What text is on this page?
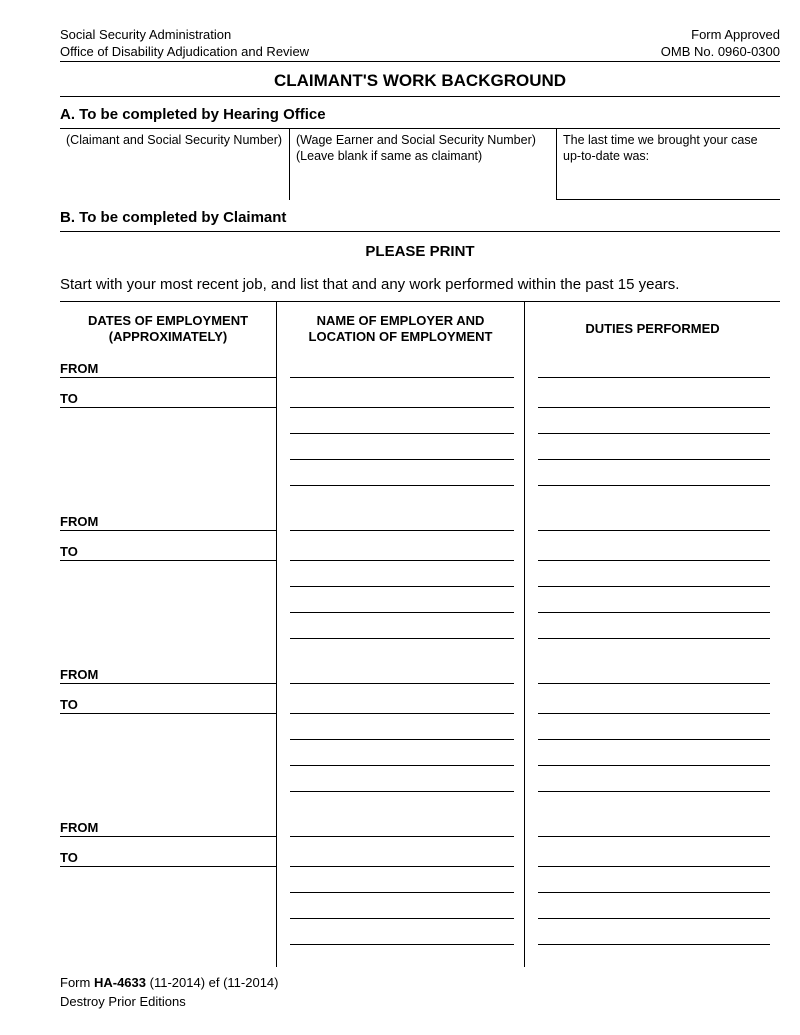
Social Security Administration
Office of Disability Adjudication and Review
Form Approved
OMB No. 0960-0300
CLAIMANT'S WORK BACKGROUND
A. To be completed by Hearing Office
(Claimant and Social Security Number) (Wage Earner and Social Security Number)
(Leave blank if same as claimant)
The last time we brought your case up-to-date was:
B. To be completed by Claimant
PLEASE PRINT
Start with your most recent job, and list that and any work performed within the past 15 years.
DATES OF EMPLOYMENT
(APPROXIMATELY)
NAME OF EMPLOYER AND
LOCATION OF EMPLOYMENT
DUTIES PERFORMED
FROM
TO
FROM
TO
FROM
TO
FROM
TO
Form HA-4633 (11-2014) ef (11-2014)
Destroy Prior Editions
